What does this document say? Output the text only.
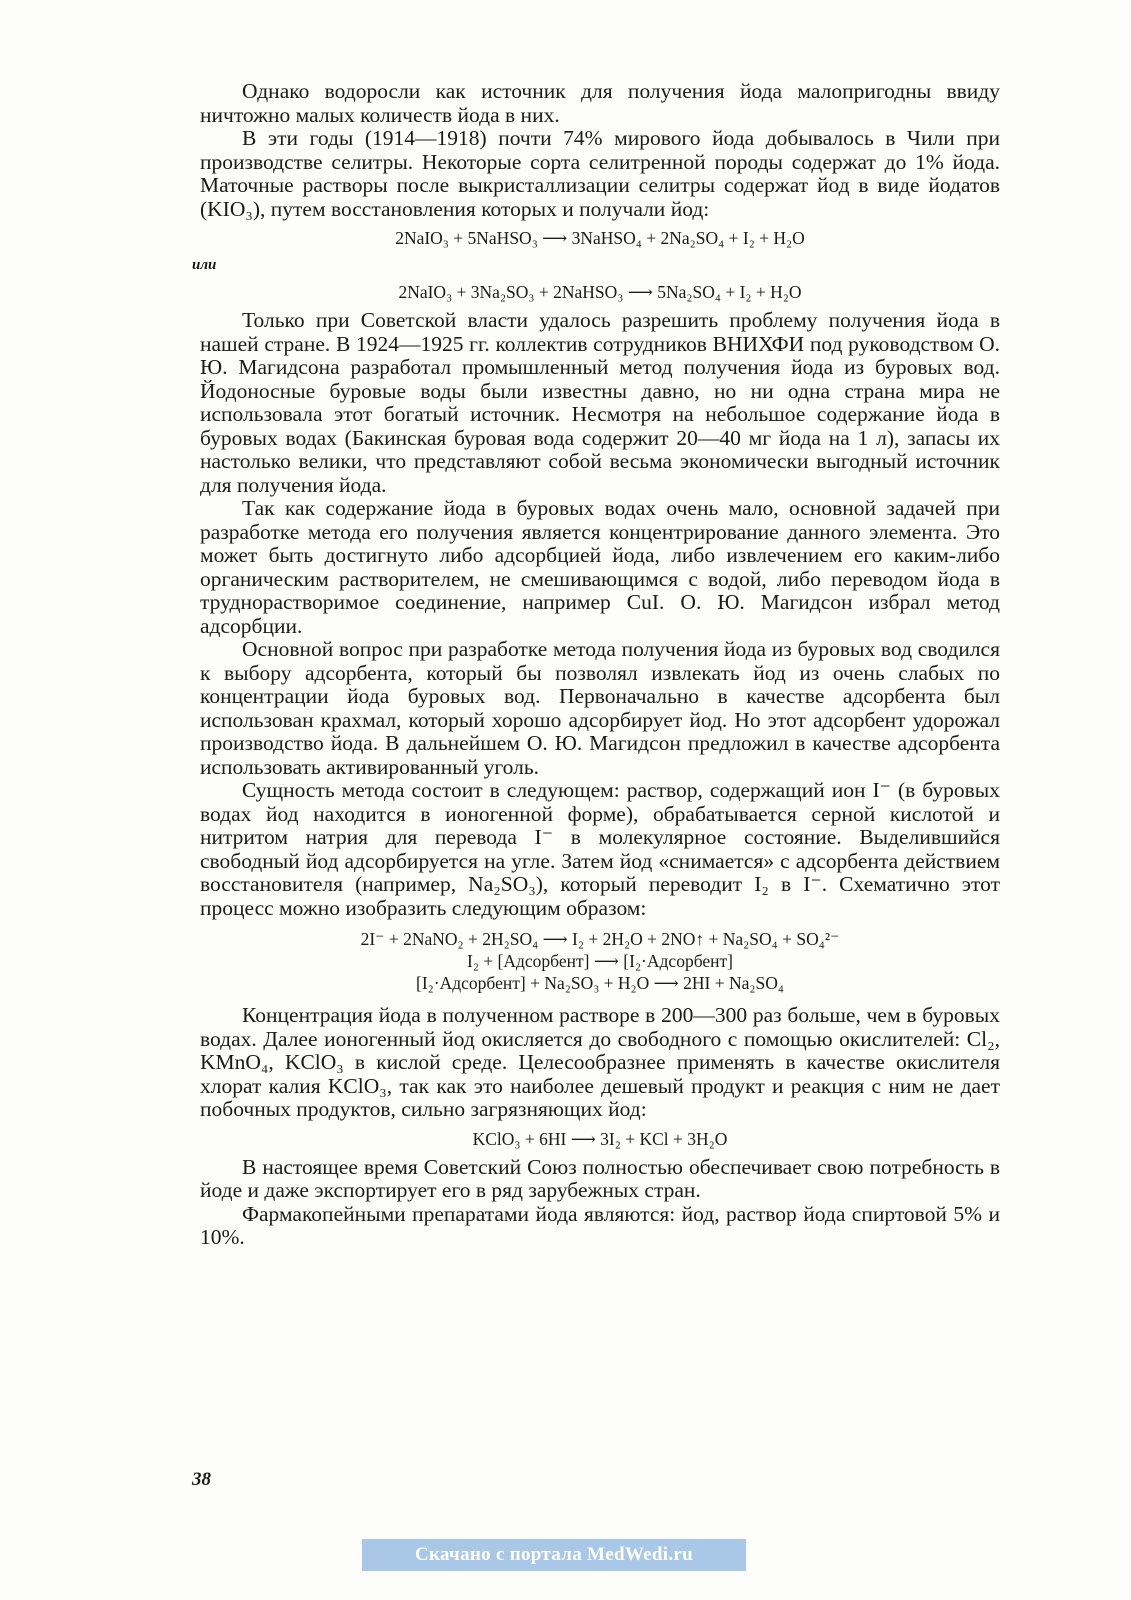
Однако водоросли как источник для получения йода малопригодны ввиду ничтожно малых количеств йода в них.

В эти годы (1914—1918) почти 74% мирового йода добывалось в Чили при производстве селитры. Некоторые сорта селитренной породы содержат до 1% йода. Маточные растворы после выкристаллизации селитры содержат йод в виде йодатов (KIO₃), путем восстановления которых и получали йод:

2NaIO₃ + 5NaHSO₃ ⟶ 3NaHSO₄ + 2Na₂SO₄ + I₂ + H₂O
или
2NaIO₃ + 3Na₂SO₃ + 2NaHSO₃ ⟶ 5Na₂SO₄ + I₂ + H₂O

Только при Советской власти удалось разрешить проблему получения йода в нашей стране. В 1924—1925 гг. коллектив сотрудников ВНИХФИ под руководством О. Ю. Магидсона разработал промышленный метод получения йода из буровых вод. Йодоносные буровые воды были известны давно, но ни одна страна мира не использовала этот богатый источник. Несмотря на небольшое содержание йода в буровых водах (Бакинская буровая вода содержит 20—40 мг йода на 1 л), запасы их настолько велики, что представляют собой весьма экономически выгодный источник для получения йода.

Так как содержание йода в буровых водах очень мало, основной задачей при разработке метода его получения является концентрирование данного элемента. Это может быть достигнуто либо адсорбцией йода, либо извлечением его каким-либо органическим растворителем, не смешивающимся с водой, либо переводом йода в труднорастворимое соединение, например CuI. О. Ю. Магидсон избрал метод адсорбции.

Основной вопрос при разработке метода получения йода из буровых вод сводился к выбору адсорбента, который бы позволял извлекать йод из очень слабых по концентрации йода буровых вод. Первоначально в качестве адсорбента был использован крахмал, который хорошо адсорбирует йод. Но этот адсорбент удорожал производство йода. В дальнейшем О. Ю. Магидсон предложил в качестве адсорбента использовать активированный уголь.

Сущность метода состоит в следующем: раствор, содержащий ион I⁻ (в буровых водах йод находится в ионогенной форме), обрабатывается серной кислотой и нитритом натрия для перевода I⁻ в молекулярное состояние. Выделившийся свободный йод адсорбируется на угле. Затем йод «снимается» с адсорбента действием восстановителя (например, Na₂SO₃), который переводит I₂ в I⁻. Схематично этот процесс можно изобразить следующим образом:

2I⁻ + 2NaNO₂ + 2H₂SO₄ ⟶ I₂ + 2H₂O + 2NO↑ + Na₂SO₄ + SO₄²⁻
I₂ + [Адсорбент] ⟶ [I₂·Адсорбент]
[I₂·Адсорбент] + Na₂SO₃ + H₂O ⟶ 2HI + Na₂SO₄

Концентрация йода в полученном растворе в 200—300 раз больше, чем в буровых водах. Далее ионогенный йод окисляется до свободного с помощью окислителей: Cl₂, KMnO₄, KClO₃ в кислой среде. Целесообразнее применять в качестве окислителя хлорат калия KClO₃, так как это наиболее дешевый продукт и реакция с ним не дает побочных продуктов, сильно загрязняющих йод:

KClO₃ + 6HI ⟶ 3I₂ + KCl + 3H₂O

В настоящее время Советский Союз полностью обеспечивает свою потребность в йоде и даже экспортирует его в ряд зарубежных стран.

Фармакопейными препаратами йода являются: йод, раствор йода спиртовой 5% и 10%.

38
Скачано с портала MedWedi.ru
